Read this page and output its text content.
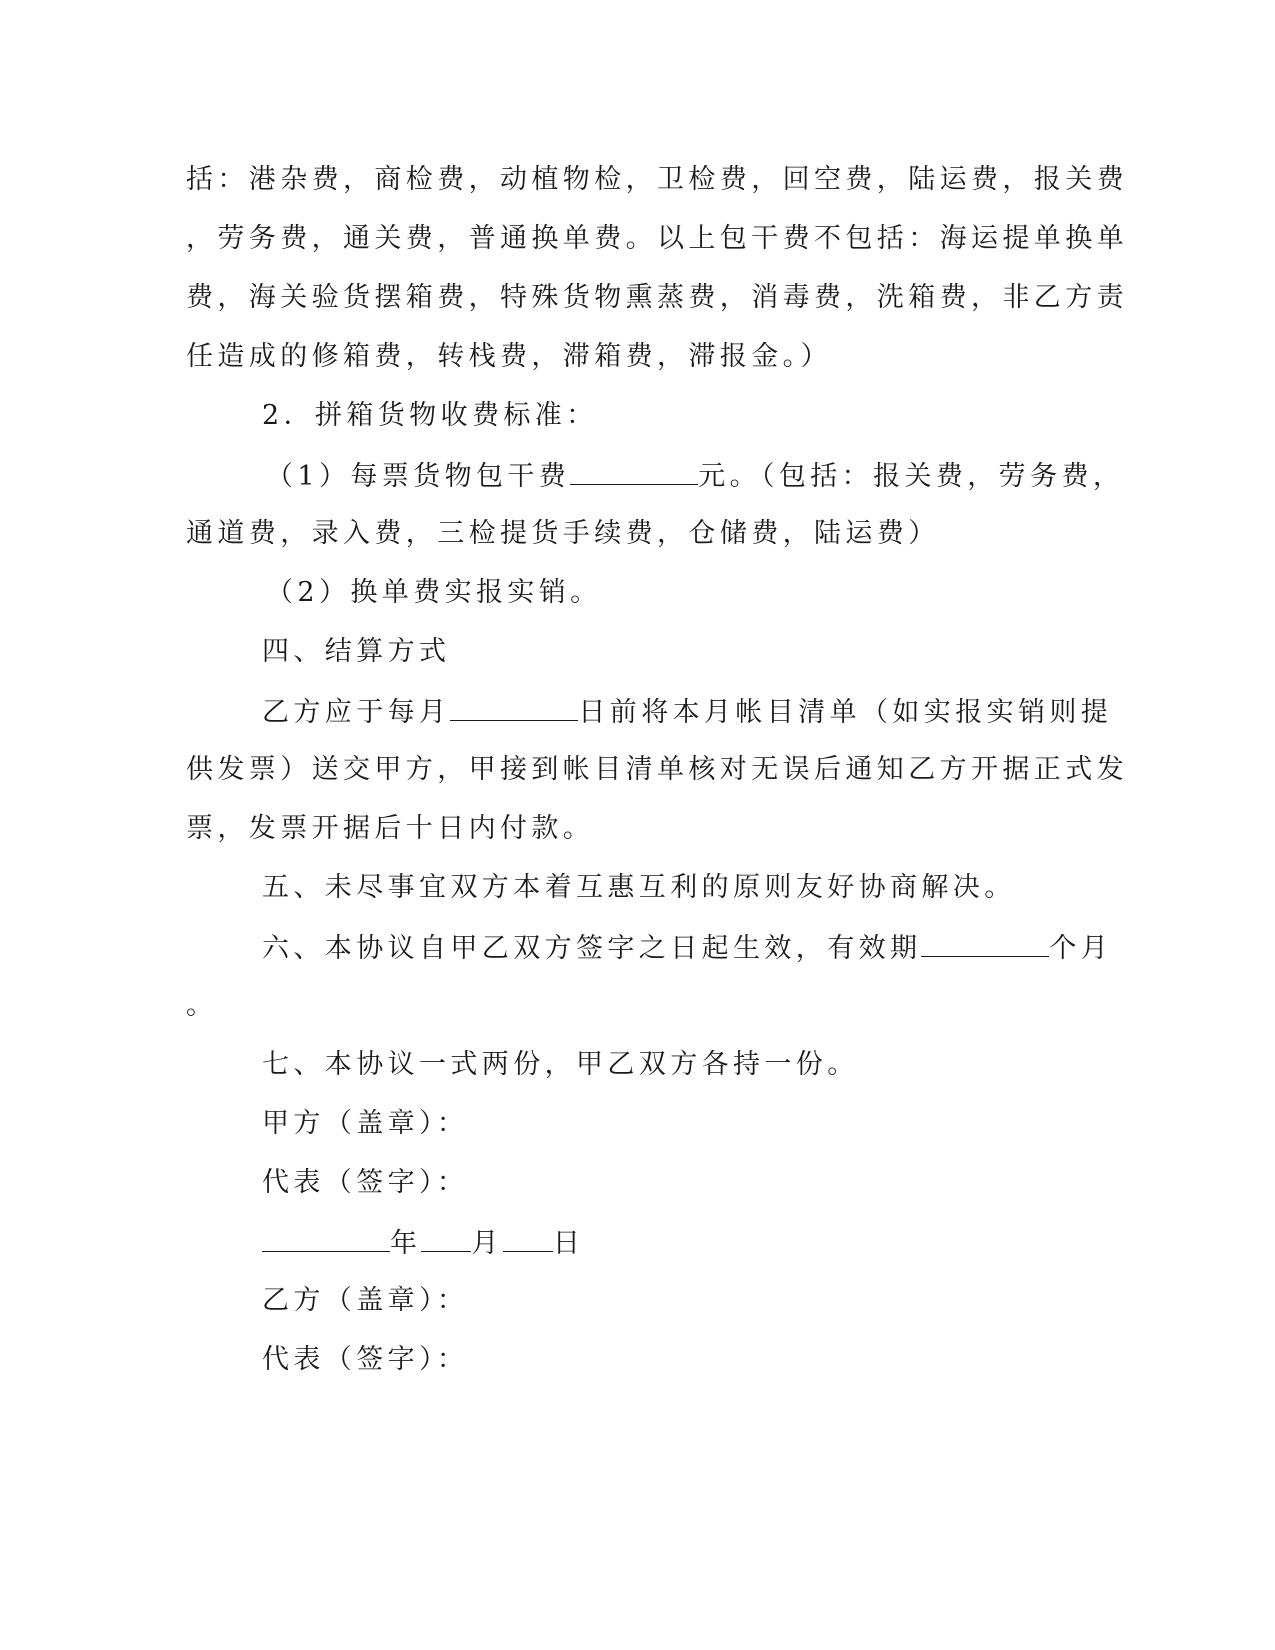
括：港杂费，商检费，动植物检，卫检费，回空费，陆运费，报关费
，劳务费，通关费，普通换单费。以上包干费不包括：海运提单换单
费，海关验货摆箱费，特殊货物熏蒸费，消毒费，洗箱费，非乙方责
任造成的修箱费，转栈费，滞箱费，滞报金。）
2．拼箱货物收费标准：
（1）每票货物包干费	元。（包括：报关费，劳务费，
通道费，录入费，三检提货手续费，仓储费，陆运费）
（2）换单费实报实销。
四、结算方式
乙方应于每月	日前将本月帐目清单（如实报实销则提
供发票）送交甲方，甲接到帐目清单核对无误后通知乙方开据正式发
票，发票开据后十日内付款。
五、未尽事宜双方本着互惠互利的原则友好协商解决。
六、本协议自甲乙双方签字之日起生效，有效期	个月
。
七、本协议一式两份，甲乙双方各持一份。
甲方（盖章）：
代表（签字）：
年 月 日
乙方（盖章）：
代表（签字）：
